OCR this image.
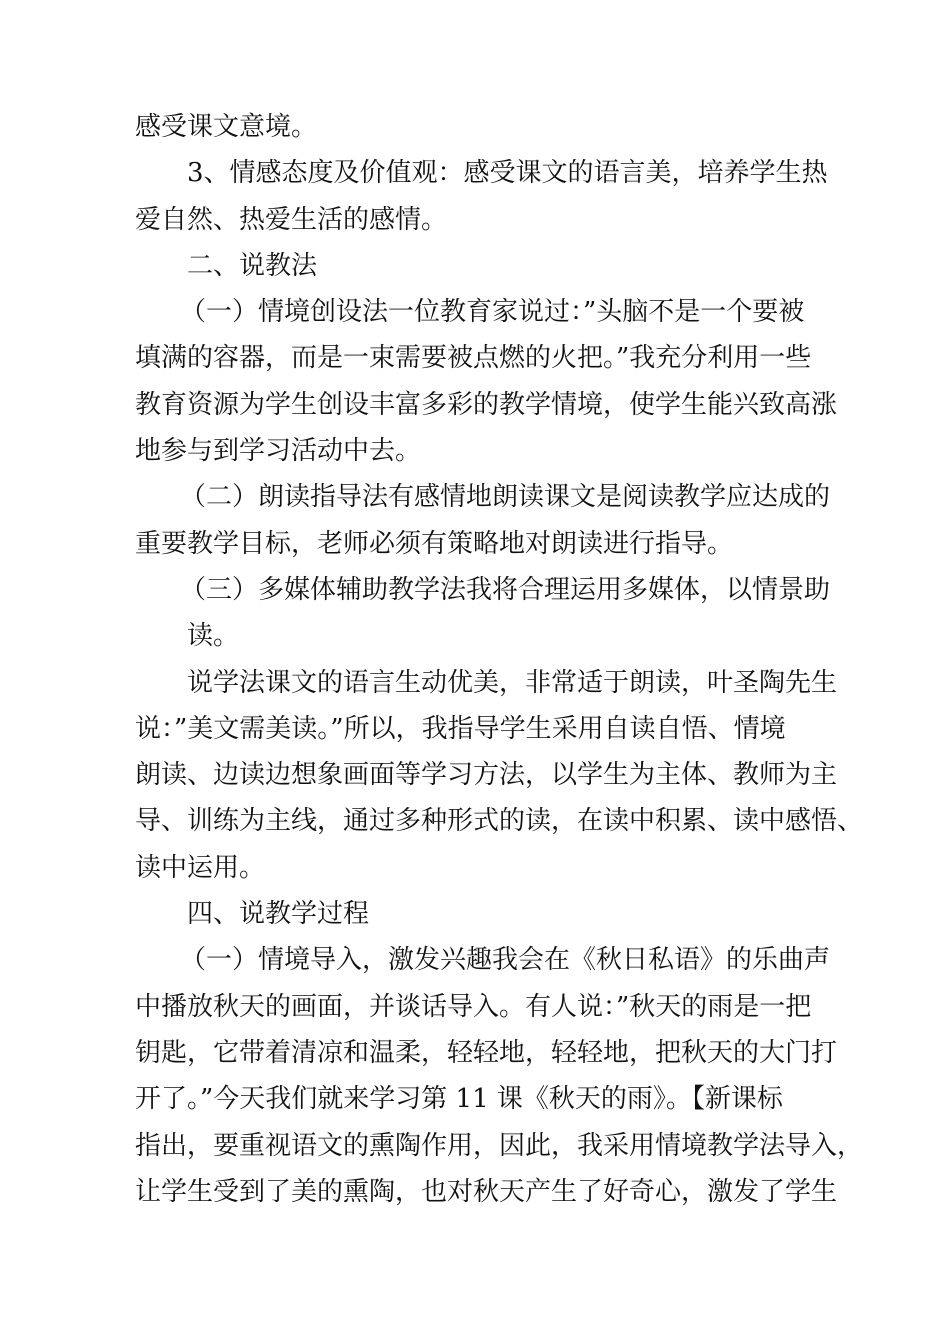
感受课文意境。
3、情感态度及价值观：感受课文的语言美，培养学生热
爱自然、热爱生活的感情。
二、说教法
（一）情境创设法一位教育家说过：”头脑不是一个要被
填满的容器，而是一束需要被点燃的火把。”我充分利用一些
教育资源为学生创设丰富多彩的教学情境，使学生能兴致高涨
地参与到学习活动中去。
（二）朗读指导法有感情地朗读课文是阅读教学应达成的
重要教学目标，老师必须有策略地对朗读进行指导。
（三）多媒体辅助教学法我将合理运用多媒体，以情景助
读。
说学法课文的语言生动优美，非常适于朗读，叶圣陶先生
说：”美文需美读。”所以，我指导学生采用自读自悟、情境
朗读、边读边想象画面等学习方法，以学生为主体、教师为主
导、训练为主线，通过多种形式的读，在读中积累、读中感悟、
读中运用。
四、说教学过程
（一）情境导入，激发兴趣我会在《秋日私语》的乐曲声
中播放秋天的画面，并谈话导入。有人说：”秋天的雨是一把
钥匙，它带着清凉和温柔，轻轻地，轻轻地，把秋天的大门打
开了。”今天我们就来学习第 11 课《秋天的雨》。【新课标
指出，要重视语文的熏陶作用，因此，我采用情境教学法导入，
让学生受到了美的熏陶，也对秋天产生了好奇心，激发了学生
